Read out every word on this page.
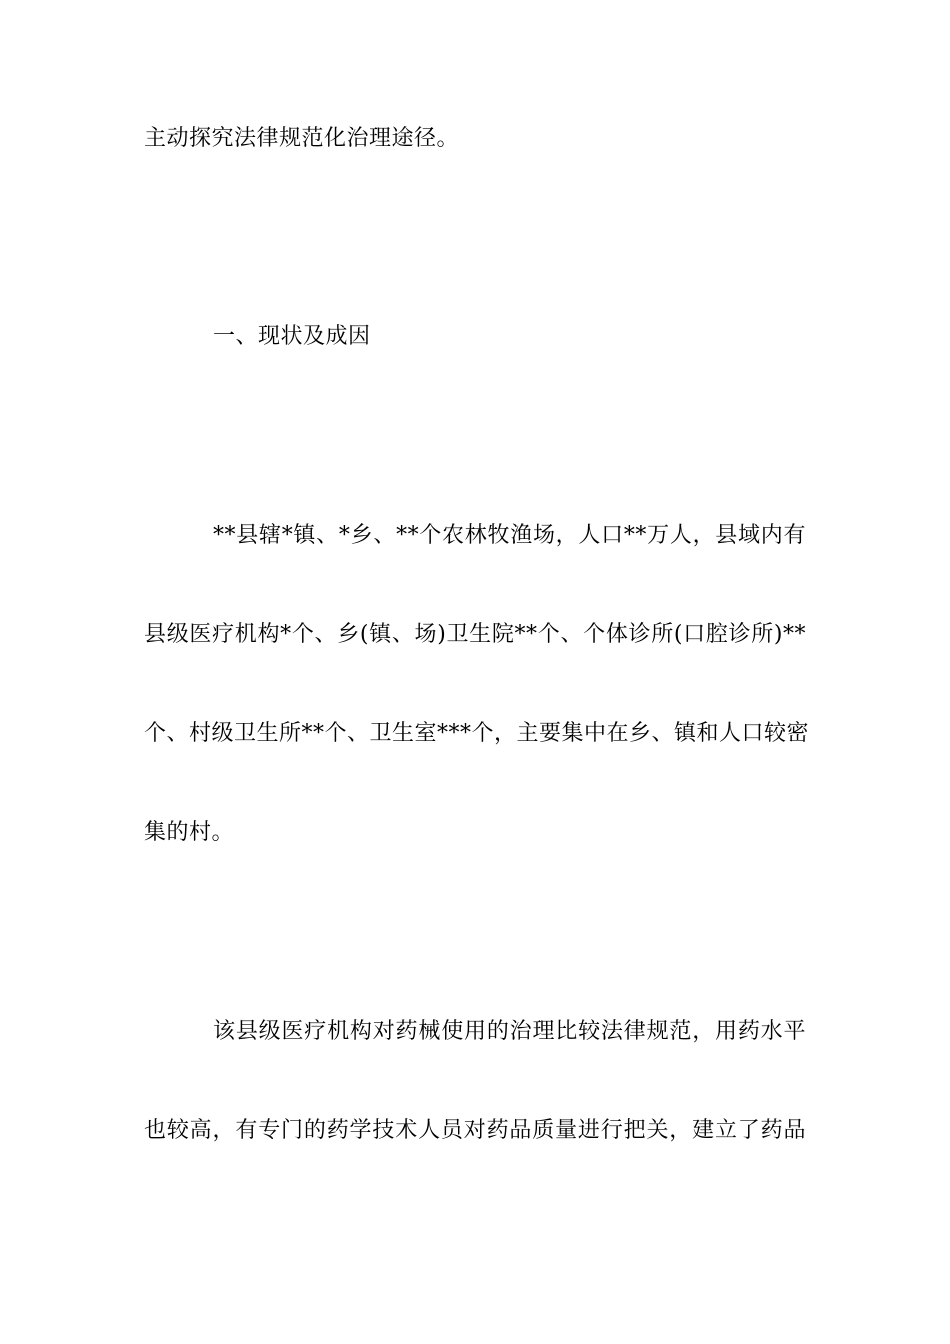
主动探究法律规范化治理途径。
一、现状及成因
**县辖*镇、*乡、**个农林牧渔场，人口**万人，县域内有
县级医疗机构*个、乡(镇、场)卫生院**个、个体诊所(口腔诊所)**
个、村级卫生所**个、卫生室***个，主要集中在乡、镇和人口较密
集的村。
该县级医疗机构对药械使用的治理比较法律规范，用药水平
也较高，有专门的药学技术人员对药品质量进行把关，建立了药品
